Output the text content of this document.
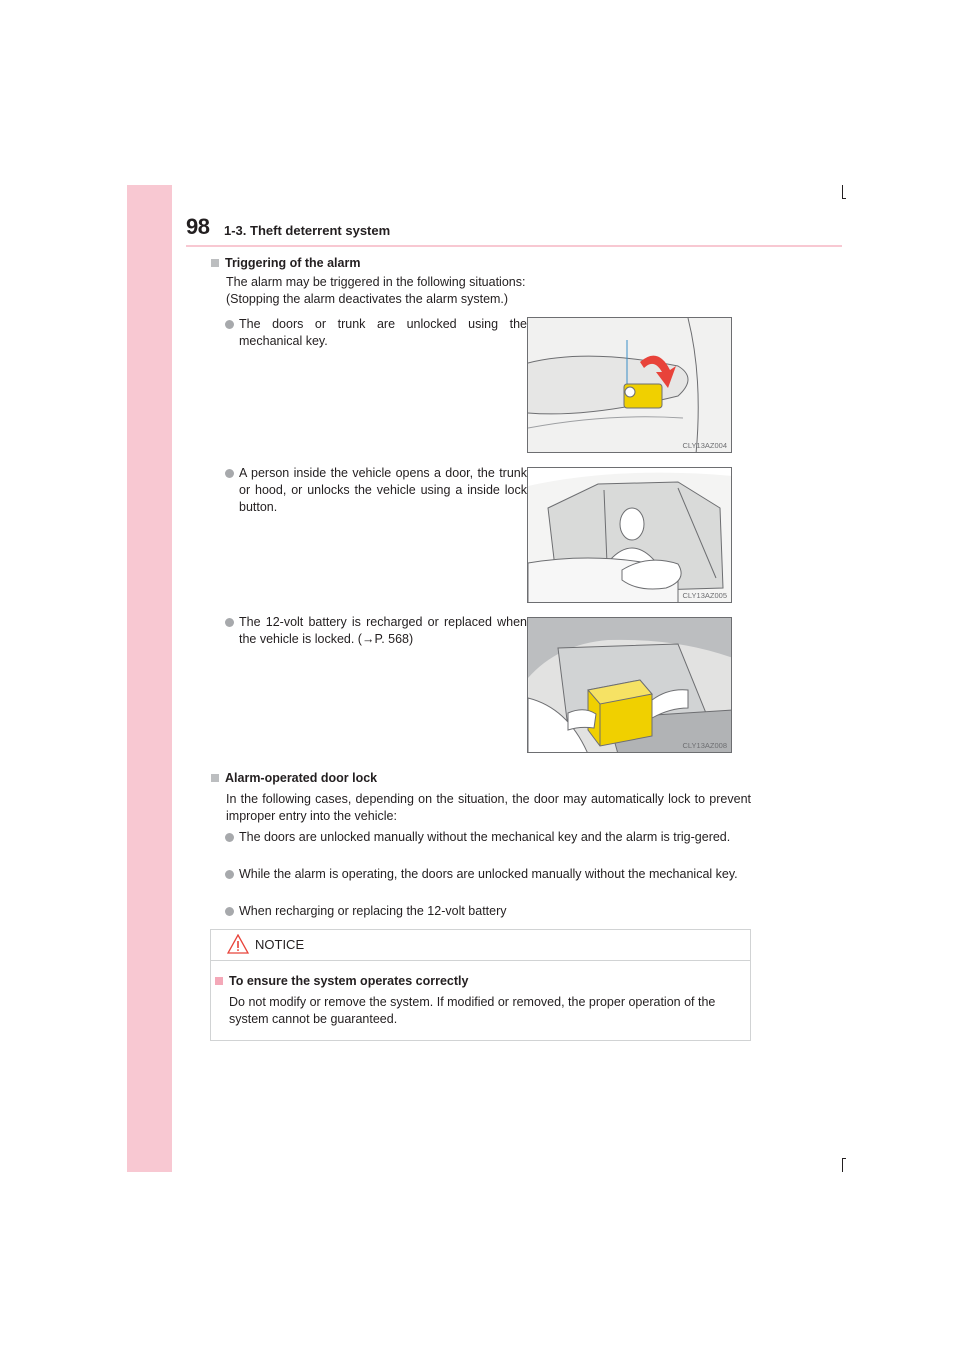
98 1-3. Theft deterrent system
Triggering of the alarm
The alarm may be triggered in the following situations:
(Stopping the alarm deactivates the alarm system.)
The doors or trunk are unlocked using the mechanical key.
CLY13AZ004
A person inside the vehicle opens a door, the trunk or hood, or unlocks the vehicle using a inside lock button.
CLY13AZ005
The 12-volt battery is recharged or replaced when the vehicle is locked. (→P. 568)
CLY13AZ008
Alarm-operated door lock
In the following cases, depending on the situation, the door may automatically lock to prevent improper entry into the vehicle:
The doors are unlocked manually without the mechanical key and the alarm is trig-gered.
While the alarm is operating, the doors are unlocked manually without the mechanical key.
When recharging or replacing the 12-volt battery
NOTICE
To ensure the system operates correctly
Do not modify or remove the system. If modified or removed, the proper operation of the system cannot be guaranteed.
